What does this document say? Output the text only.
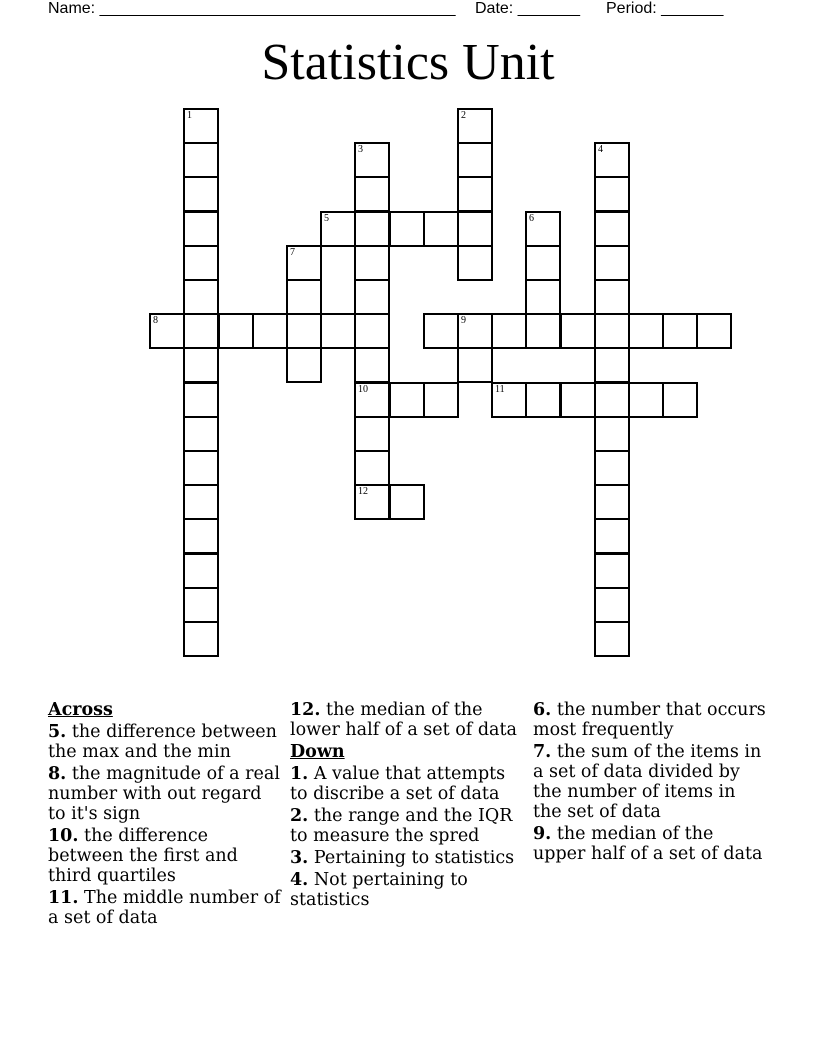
Name: ________________________________________ Date: _______ Period: _______
Statistics Unit
1	2
3	4
5	6
7
8	9
10	11
12
Across
5. the difference between the max and the min
8. the magnitude of a real number with out regard to it's sign
10. the difference between the first and third quartiles
11. The middle number of a set of data
12. the median of the lower half of a set of data
Down
1. A value that attempts to discribe a set of data
2. the range and the IQR to measure the spred
3. Pertaining to statistics
4. Not pertaining to statistics
6. the number that occurs most frequently
7. the sum of the items in a set of data divided by the number of items in the set of data
9. the median of the upper half of a set of data
